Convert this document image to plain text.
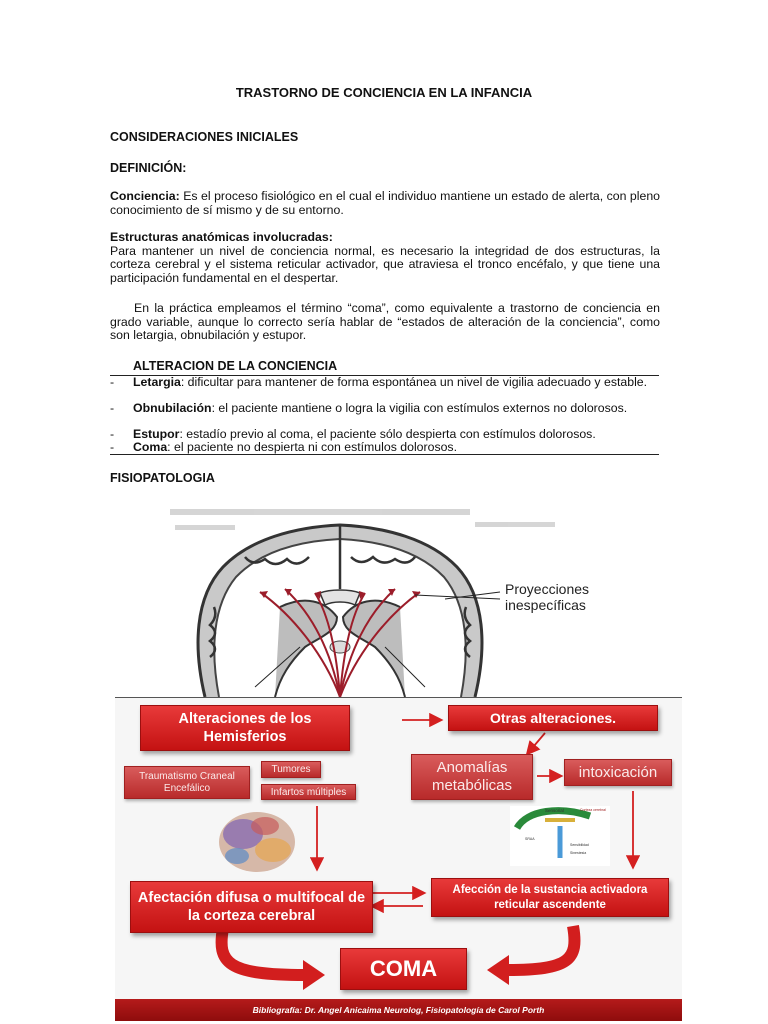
TRASTORNO DE CONCIENCIA EN LA INFANCIA
CONSIDERACIONES INICIALES
DEFINICIÓN:
Conciencia: Es el proceso fisiológico en el cual el individuo mantiene un estado de alerta, con pleno conocimiento de sí mismo y de su entorno.
Estructuras anatómicas involucradas:
Para mantener un nivel de conciencia normal, es necesario la integridad de dos estructuras, la corteza cerebral y el sistema reticular activador, que atraviesa el tronco encéfalo, y que tiene una participación fundamental en el despertar.
En la práctica empleamos el término “coma”, como equivalente a trastorno de conciencia en grado variable, aunque lo correcto sería hablar de “estados de alteración de la conciencia”, como son letargia, obnubilación y estupor.
ALTERACION DE LA CONCIENCIA
-	Letargia: dificultar para mantener de forma espontánea un nivel de vigilia adecuado y estable.
-	Obnubilación: el paciente mantiene o logra la vigilia con estímulos externos no dolorosos.
-	Estupor: estadío previo al coma, el paciente sólo despierta con estímulos dolorosos.
-	Coma: el paciente no despierta ni con estímulos dolorosos.
FISIOPATOLOGIA
Proyecciones
inespecíficas
Sensorial	Corteza cerebral
SRAA
Sensibilidad
Sinestesia
Alteraciones de los Hemisferios
Otras alteraciones.
Traumatismo Craneal Encefálico
Tumores
Infartos múltiples
Anomalías metabólicas
intoxicación
Afectación difusa o multifocal de la corteza cerebral
Afección de la sustancia activadora reticular ascendente
COMA
Bibliografía: Dr. Angel Anicaima Neurolog, Fisiopatología de Carol Porth
